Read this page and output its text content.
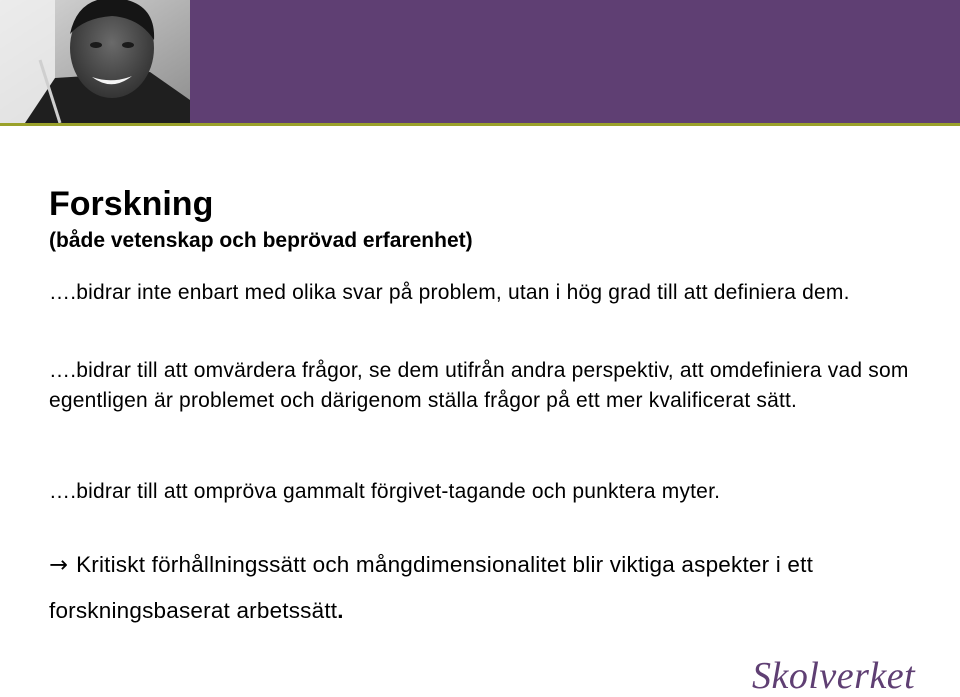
Forskning

(både vetenskap och beprövad erfarenhet)

….bidrar inte enbart med olika svar på problem, utan i hög grad till att definiera dem.

….bidrar till att omvärdera frågor, se dem utifrån andra perspektiv, att omdefiniera vad som egentligen är problemet och därigenom ställa frågor på ett mer kvalificerat sätt.

….bidrar till att ompröva gammalt förgivet-tagande och punktera myter.

→ Kritiskt förhållningssätt och mångdimensionalitet blir viktiga aspekter i ett forskningsbaserat arbetssätt.

Skolverket
